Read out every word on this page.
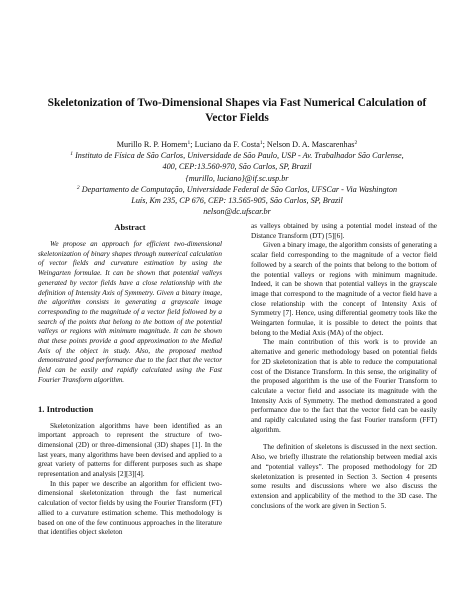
Skeletonization of Two-Dimensional Shapes via Fast Numerical Calculation of
Vector Fields
Murillo R. P. Homem$^1$; Luciano da F. Costa$^1$; Nelson D. A. Mascarenhas$^2$
$^1$ Instituto de Física de São Carlos, Universidade de São Paulo, USP - Av. Trabalhador São Carlense,
400, CEP:13.560-970, São Carlos, SP, Brazil
{murillo, luciano}@if.sc.usp.br
$^2$ Departamento de Computação, Universidade Federal de São Carlos, UFSCar - Via Washington
Luís, Km 235, CP 676, CEP: 13.565-905, São Carlos, SP, Brazil
nelson@dc.ufscar.br
Abstract

We propose an approach for efficient two-dimensional skeletonization of binary shapes through numerical calculation of vector fields and curvature estimation by using the Weingarten formulae. It can be shown that potential valleys generated by vector fields have a close relationship with the definition of Intensity Axis of Symmetry. Given a binary image, the algorithm consists in generating a grayscale image corresponding to the magnitude of a vector field followed by a search of the points that belong to the bottom of the potential valleys or regions with minimum magnitude. It can be shown that these points provide a good approximation to the Medial Axis of the object in study. Also, the proposed method demonstrated good performance due to the fact that the vector field can be easily and rapidly calculated using the Fast Fourier Transform algorithm.

1. Introduction

Skeletonization algorithms have been identified as an important approach to represent the structure of two-dimensional (2D) or three-dimensional (3D) shapes [1]. In the last years, many algorithms have been devised and applied to a great variety of patterns for different purposes such as shape representation and analysis [2][3][4].

In this paper we describe an algorithm for efficient two-dimensional skeletonization through the fast numerical calculation of vector fields by using the Fourier Transform (FT) allied to a curvature estimation scheme. This methodology is based on one of the few continuous approaches in the literature that identifies object skeleton

as valleys obtained by using a potential model instead of the Distance Transform (DT) [5][6].

Given a binary image, the algorithm consists of generating a scalar field corresponding to the magnitude of a vector field followed by a search of the points that belong to the bottom of the potential valleys or regions with minimum magnitude. Indeed, it can be shown that potential valleys in the grayscale image that correspond to the magnitude of a vector field have a close relationship with the concept of Intensity Axis of Symmetry [7]. Hence, using differential geometry tools like the Weingarten formulae, it is possible to detect the points that belong to the Medial Axis (MA) of the object.

The main contribution of this work is to provide an alternative and generic methodology based on potential fields for 2D skeletonization that is able to reduce the computational cost of the Distance Transform. In this sense, the originality of the proposed algorithm is the use of the Fourier Transform to calculate a vector field and associate its magnitude with the Intensity Axis of Symmetry. The method demonstrated a good performance due to the fact that the vector field can be easily and rapidly calculated using the fast Fourier transform (FFT) algorithm.

The definition of skeletons is discussed in the next section. Also, we briefly illustrate the relationship between medial axis and “potential valleys”. The proposed methodology for 2D skeletonization is presented in Section 3. Section 4 presents some results and discussions where we also discuss the extension and applicability of the method to the 3D case. The conclusions of the work are given in Section 5.
